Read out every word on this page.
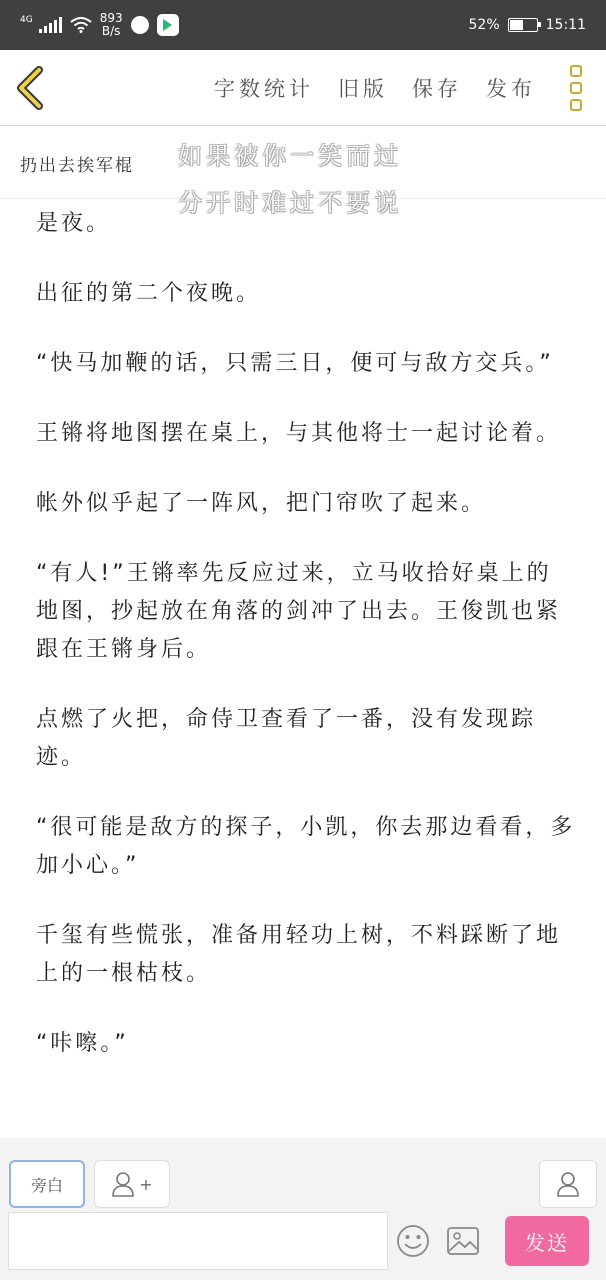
4G	893
B/s	52%	15:11
字数统计 旧版 保存 发布
扔出去挨军棍 如果被你一笑而过
分开时难过不要说

是夜。

出征的第二个夜晚。

“快马加鞭的话，只需三日，便可与敌方交兵。”

王锵将地图摆在桌上，与其他将士一起讨论着。

帐外似乎起了一阵风，把门帘吹了起来。

“有人!”王锵率先反应过来，立马收拾好桌上的地图，抄起放在角落的剑冲了出去。王俊凯也紧跟在王锵身后。

点燃了火把，命侍卫查看了一番，没有发现踪迹。

“很可能是敌方的探子，小凯，你去那边看看，多加小心。”

千玺有些慌张，准备用轻功上树，不料踩断了地上的一根枯枝。

“咔嚓。”

旁白	+
发送
